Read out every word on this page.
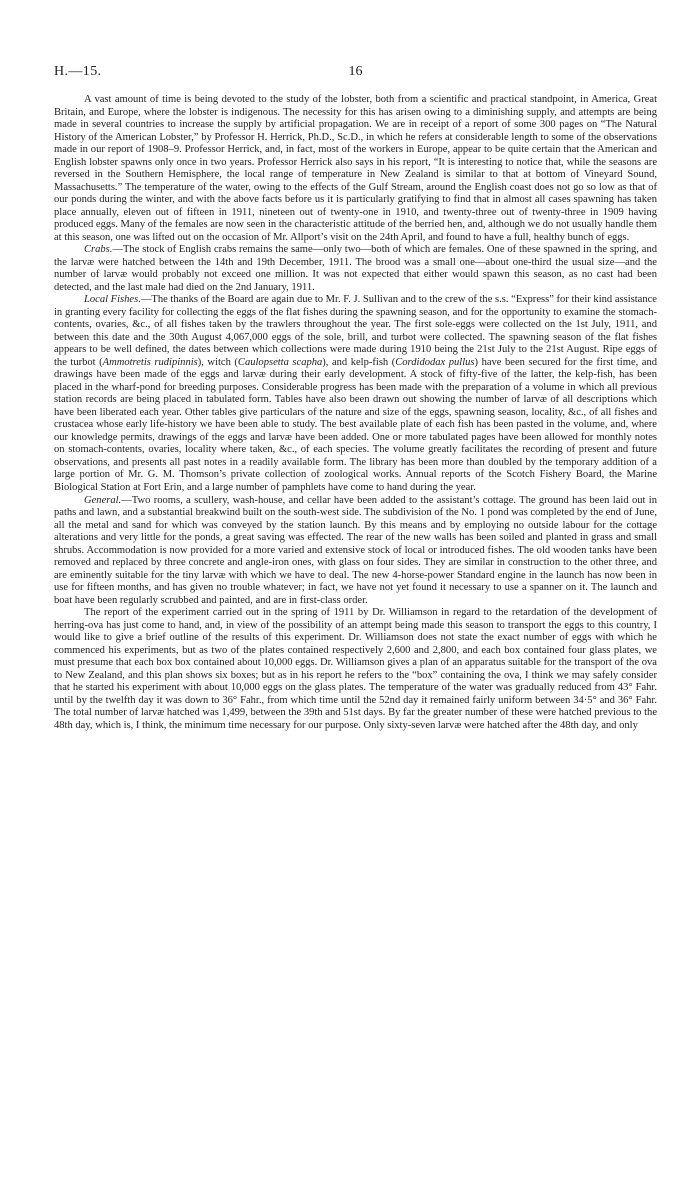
H.—15.	16

A vast amount of time is being devoted to the study of the lobster, both from a scientific and practical standpoint, in America, Great Britain, and Europe, where the lobster is indigenous. The necessity for this has arisen owing to a diminishing supply, and attempts are being made in several countries to increase the supply by artificial propagation. We are in receipt of a report of some 300 pages on “The Natural History of the American Lobster,” by Professor H. Herrick, Ph.D., Sc.D., in which he refers at considerable length to some of the observations made in our report of 1908–9. Professor Herrick, and, in fact, most of the workers in Europe, appear to be quite certain that the American and English lobster spawns only once in two years. Professor Herrick also says in his report, “It is interesting to notice that, while the seasons are reversed in the Southern Hemisphere, the local range of temperature in New Zealand is similar to that at bottom of Vineyard Sound, Massachusetts.” The temperature of the water, owing to the effects of the Gulf Stream, around the English coast does not go so low as that of our ponds during the winter, and with the above facts before us it is particularly gratifying to find that in almost all cases spawning has taken place annually, eleven out of fifteen in 1911, nineteen out of twenty-one in 1910, and twenty-three out of twenty-three in 1909 having produced eggs. Many of the females are now seen in the characteristic attitude of the berried hen, and, although we do not usually handle them at this season, one was lifted out on the occasion of Mr. Allport’s visit on the 24th April, and found to have a full, healthy bunch of eggs.

Crabs.—The stock of English crabs remains the same—only two—both of which are females. One of these spawned in the spring, and the larvæ were hatched between the 14th and 19th December, 1911. The brood was a small one—about one-third the usual size—and the number of larvæ would probably not exceed one million. It was not expected that either would spawn this season, as no cast had been detected, and the last male had died on the 2nd January, 1911.

Local Fishes.—The thanks of the Board are again due to Mr. F. J. Sullivan and to the crew of the s.s. “Express” for their kind assistance in granting every facility for collecting the eggs of the flat fishes during the spawning season, and for the opportunity to examine the stomach-contents, ovaries, &c., of all fishes taken by the trawlers throughout the year. The first sole-eggs were collected on the 1st July, 1911, and between this date and the 30th August 4,067,000 eggs of the sole, brill, and turbot were collected. The spawning season of the flat fishes appears to be well defined, the dates between which collections were made during 1910 being the 21st July to the 21st August. Ripe eggs of the turbot (Ammotretis rudipinnis), witch (Caulopsetta scapha), and kelp-fish (Cordidodax pullus) have been secured for the first time, and drawings have been made of the eggs and larvæ during their early development. A stock of fifty-five of the latter, the kelp-fish, has been placed in the wharf-pond for breeding purposes. Considerable progress has been made with the preparation of a volume in which all previous station records are being placed in tabulated form. Tables have also been drawn out showing the number of larvæ of all descriptions which have been liberated each year. Other tables give particulars of the nature and size of the eggs, spawning season, locality, &c., of all fishes and crustacea whose early life-history we have been able to study. The best available plate of each fish has been pasted in the volume, and, where our knowledge permits, drawings of the eggs and larvæ have been added. One or more tabulated pages have been allowed for monthly notes on stomach-contents, ovaries, locality where taken, &c., of each species. The volume greatly facilitates the recording of present and future observations, and presents all past notes in a readily available form. The library has been more than doubled by the temporary addition of a large portion of Mr. G. M. Thomson’s private collection of zoological works. Annual reports of the Scotch Fishery Board, the Marine Biological Station at Fort Erin, and a large number of pamphlets have come to hand during the year.

General.—Two rooms, a scullery, wash-house, and cellar have been added to the assistant’s cottage. The ground has been laid out in paths and lawn, and a substantial breakwind built on the south-west side. The subdivision of the No. 1 pond was completed by the end of June, all the metal and sand for which was conveyed by the station launch. By this means and by employing no outside labour for the cottage alterations and very little for the ponds, a great saving was effected. The rear of the new walls has been soiled and planted in grass and small shrubs. Accommodation is now provided for a more varied and extensive stock of local or introduced fishes. The old wooden tanks have been removed and replaced by three concrete and angle-iron ones, with glass on four sides. They are similar in construction to the other three, and are eminently suitable for the tiny larvæ with which we have to deal. The new 4-horse-power Standard engine in the launch has now been in use for fifteen months, and has given no trouble whatever; in fact, we have not yet found it necessary to use a spanner on it. The launch and boat have been regularly scrubbed and painted, and are in first-class order.

The report of the experiment carried out in the spring of 1911 by Dr. Williamson in regard to the retardation of the development of herring-ova has just come to hand, and, in view of the possibility of an attempt being made this season to transport the eggs to this country, I would like to give a brief outline of the results of this experiment. Dr. Williamson does not state the exact number of eggs with which he commenced his experiments, but as two of the plates contained respectively 2,600 and 2,800, and each box contained four glass plates, we must presume that each box box contained about 10,000 eggs. Dr. Williamson gives a plan of an apparatus suitable for the transport of the ova to New Zealand, and this plan shows six boxes; but as in his report he refers to the “box” containing the ova, I think we may safely consider that he started his experiment with about 10,000 eggs on the glass plates. The temperature of the water was gradually reduced from 43° Fahr. until by the twelfth day it was down to 36° Fahr., from which time until the 52nd day it remained fairly uniform between 34·5° and 36° Fahr. The total number of larvæ hatched was 1,499, between the 39th and 51st days. By far the greater number of these were hatched previous to the 48th day, which is, I think, the minimum time necessary for our purpose. Only sixty-seven larvæ were hatched after the 48th day, and only
